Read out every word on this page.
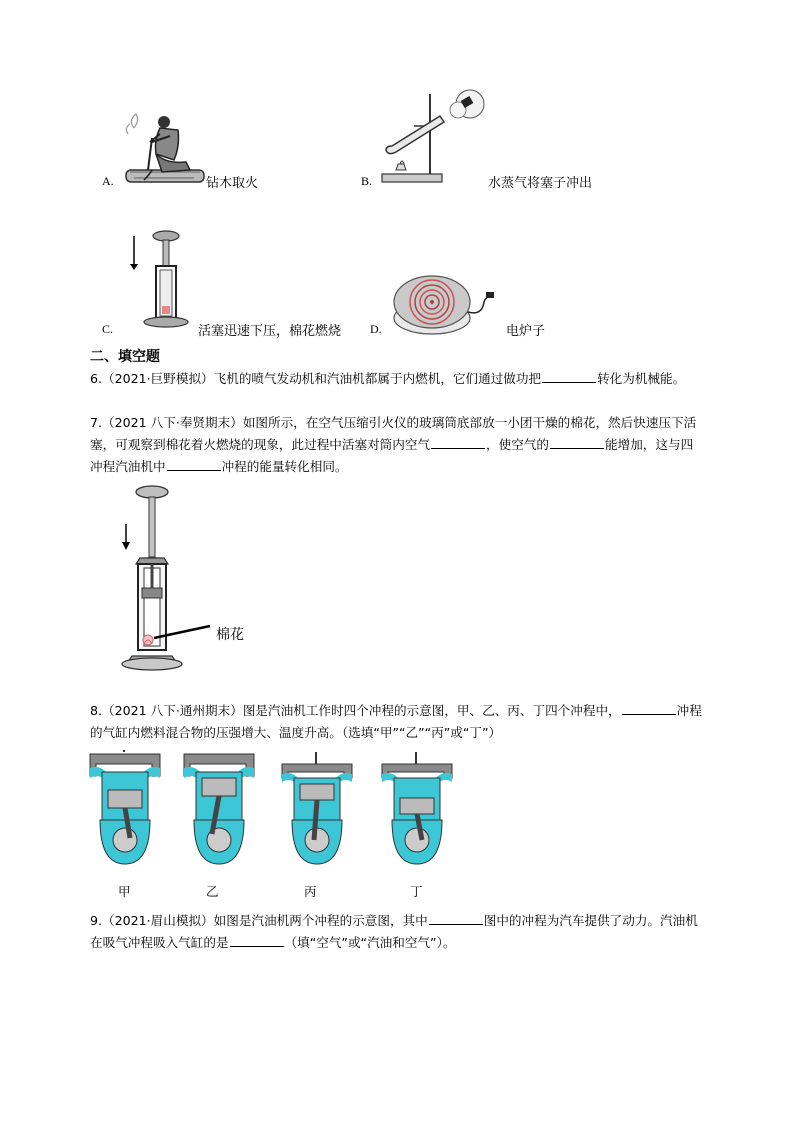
A.	钻木取火	B.	水蒸气将塞子冲出
C.	活塞迅速下压，棉花燃烧 D.	电炉子
二、填空题
6.（2021·巨野模拟）飞机的喷气发动机和汽油机都属于内燃机，它们通过做功把	转化为机械能。
7.（2021 八下·奉贤期末）如图所示，在空气压缩引火仪的玻璃筒底部放一小团干燥的棉花，然后快速压下活塞，可观察到棉花着火燃烧的现象，此过程中活塞对筒内空气	，使空气的	能增加，这与四冲程汽油机中	冲程的能量转化相同。
棉花
8.（2021 八下·通州期末）图是汽油机工作时四个冲程的示意图，甲、乙、丙、丁四个冲程中，	冲程的气缸内燃料混合物的压强增大、温度升高。（选填“甲”“乙”“丙”或“丁”）
甲	乙	丙	丁
9.（2021·眉山模拟）如图是汽油机两个冲程的示意图，其中	图中的冲程为汽车提供了动力。汽油机在吸气冲程吸入气缸的是	（填“空气”或“汽油和空气”）。
